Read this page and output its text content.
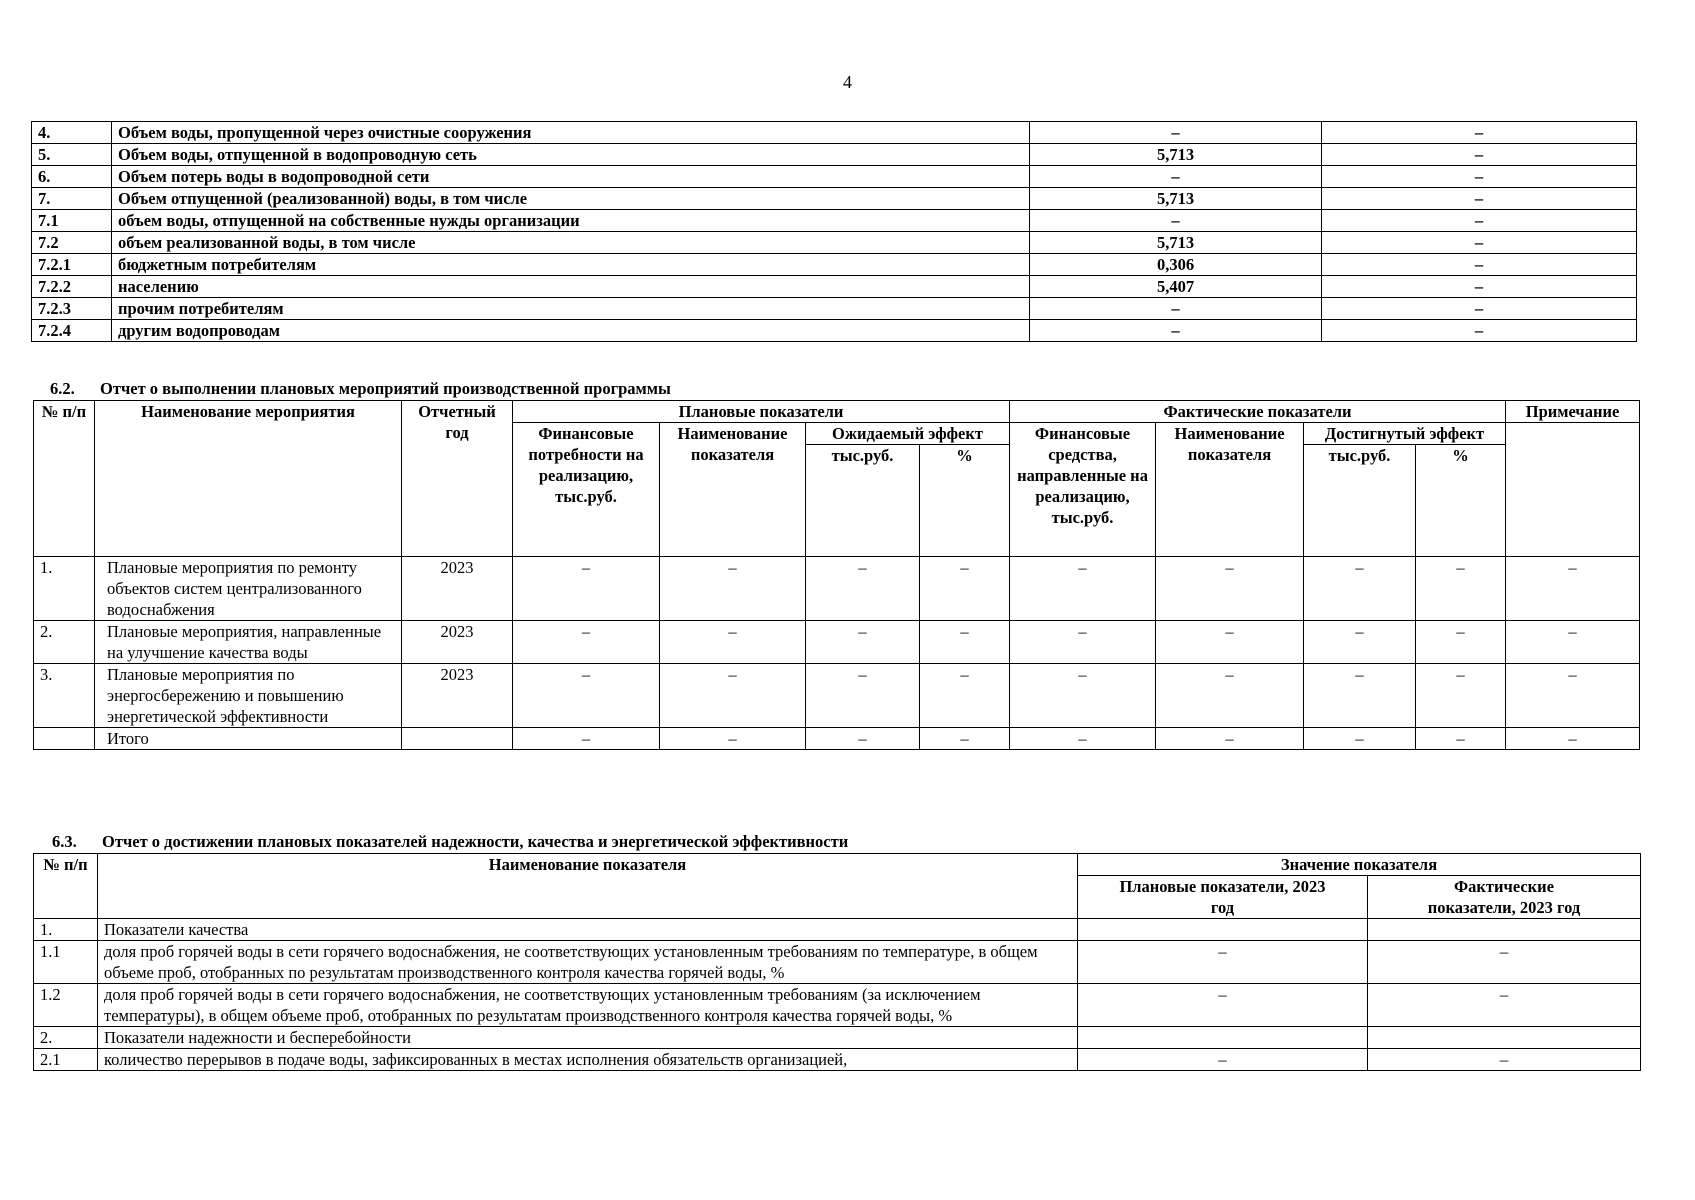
4
4.	Объем воды, пропущенной через очистные сооружения	–	–
5.	Объем воды, отпущенной в водопроводную сеть	5,713	–
6.	Объем потерь воды в водопроводной сети	–	–
7.	Объем отпущенной (реализованной) воды, в том числе	5,713	–
7.1	объем воды, отпущенной на собственные нужды организации	–	–
7.2	объем реализованной воды, в том числе	5,713	–
7.2.1	бюджетным потребителям	0,306	–
7.2.2	населению	5,407	–
7.2.3	прочим потребителям	–	–
7.2.4	другим водопроводам	–	–
6.2. Отчет о выполнении плановых мероприятий производственной программы
№ п/п	Наименование мероприятия	Отчетный год	Плановые показатели				Фактические показатели				Примечание
			Финансовые потребности на реализацию, тыс.руб.	Наименование показателя	Ожидаемый эффект		Финансовые средства, направленные на реализацию, тыс.руб.	Наименование показателя	Достигнутый эффект		
					тыс.руб.	%			тыс.руб.	%	
1.	Плановые мероприятия по ремонту объектов систем централизованного водоснабжения	2023	–	–	–	–	–	–	–	–	–
2.	Плановые мероприятия, направленные на улучшение качества воды	2023	–	–	–	–	–	–	–	–	–
3.	Плановые мероприятия по энергосбережению и повышению энергетической эффективности	2023	–	–	–	–	–	–	–	–	–
	Итого		–	–	–	–	–	–	–	–	–
6.3. Отчет о достижении плановых показателей надежности, качества и энергетической эффективности
№ п/п	Наименование показателя	Значение показателя	
		Плановые показатели, 2023 год	Фактические показатели, 2023 год
1.	Показатели качества		
1.1	доля проб горячей воды в сети горячего водоснабжения, не соответствующих установленным требованиям по температуре, в общем объеме проб, отобранных по результатам производственного контроля качества горячей воды, %	–	–
1.2	доля проб горячей воды в сети горячего водоснабжения, не соответствующих установленным требованиям (за исключением температуры), в общем объеме проб, отобранных по результатам производственного контроля качества горячей воды, %	–	–
2.	Показатели надежности и бесперебойности		
2.1	количество перерывов в подаче воды, зафиксированных в местах исполнения обязательств организацией,	–	–
